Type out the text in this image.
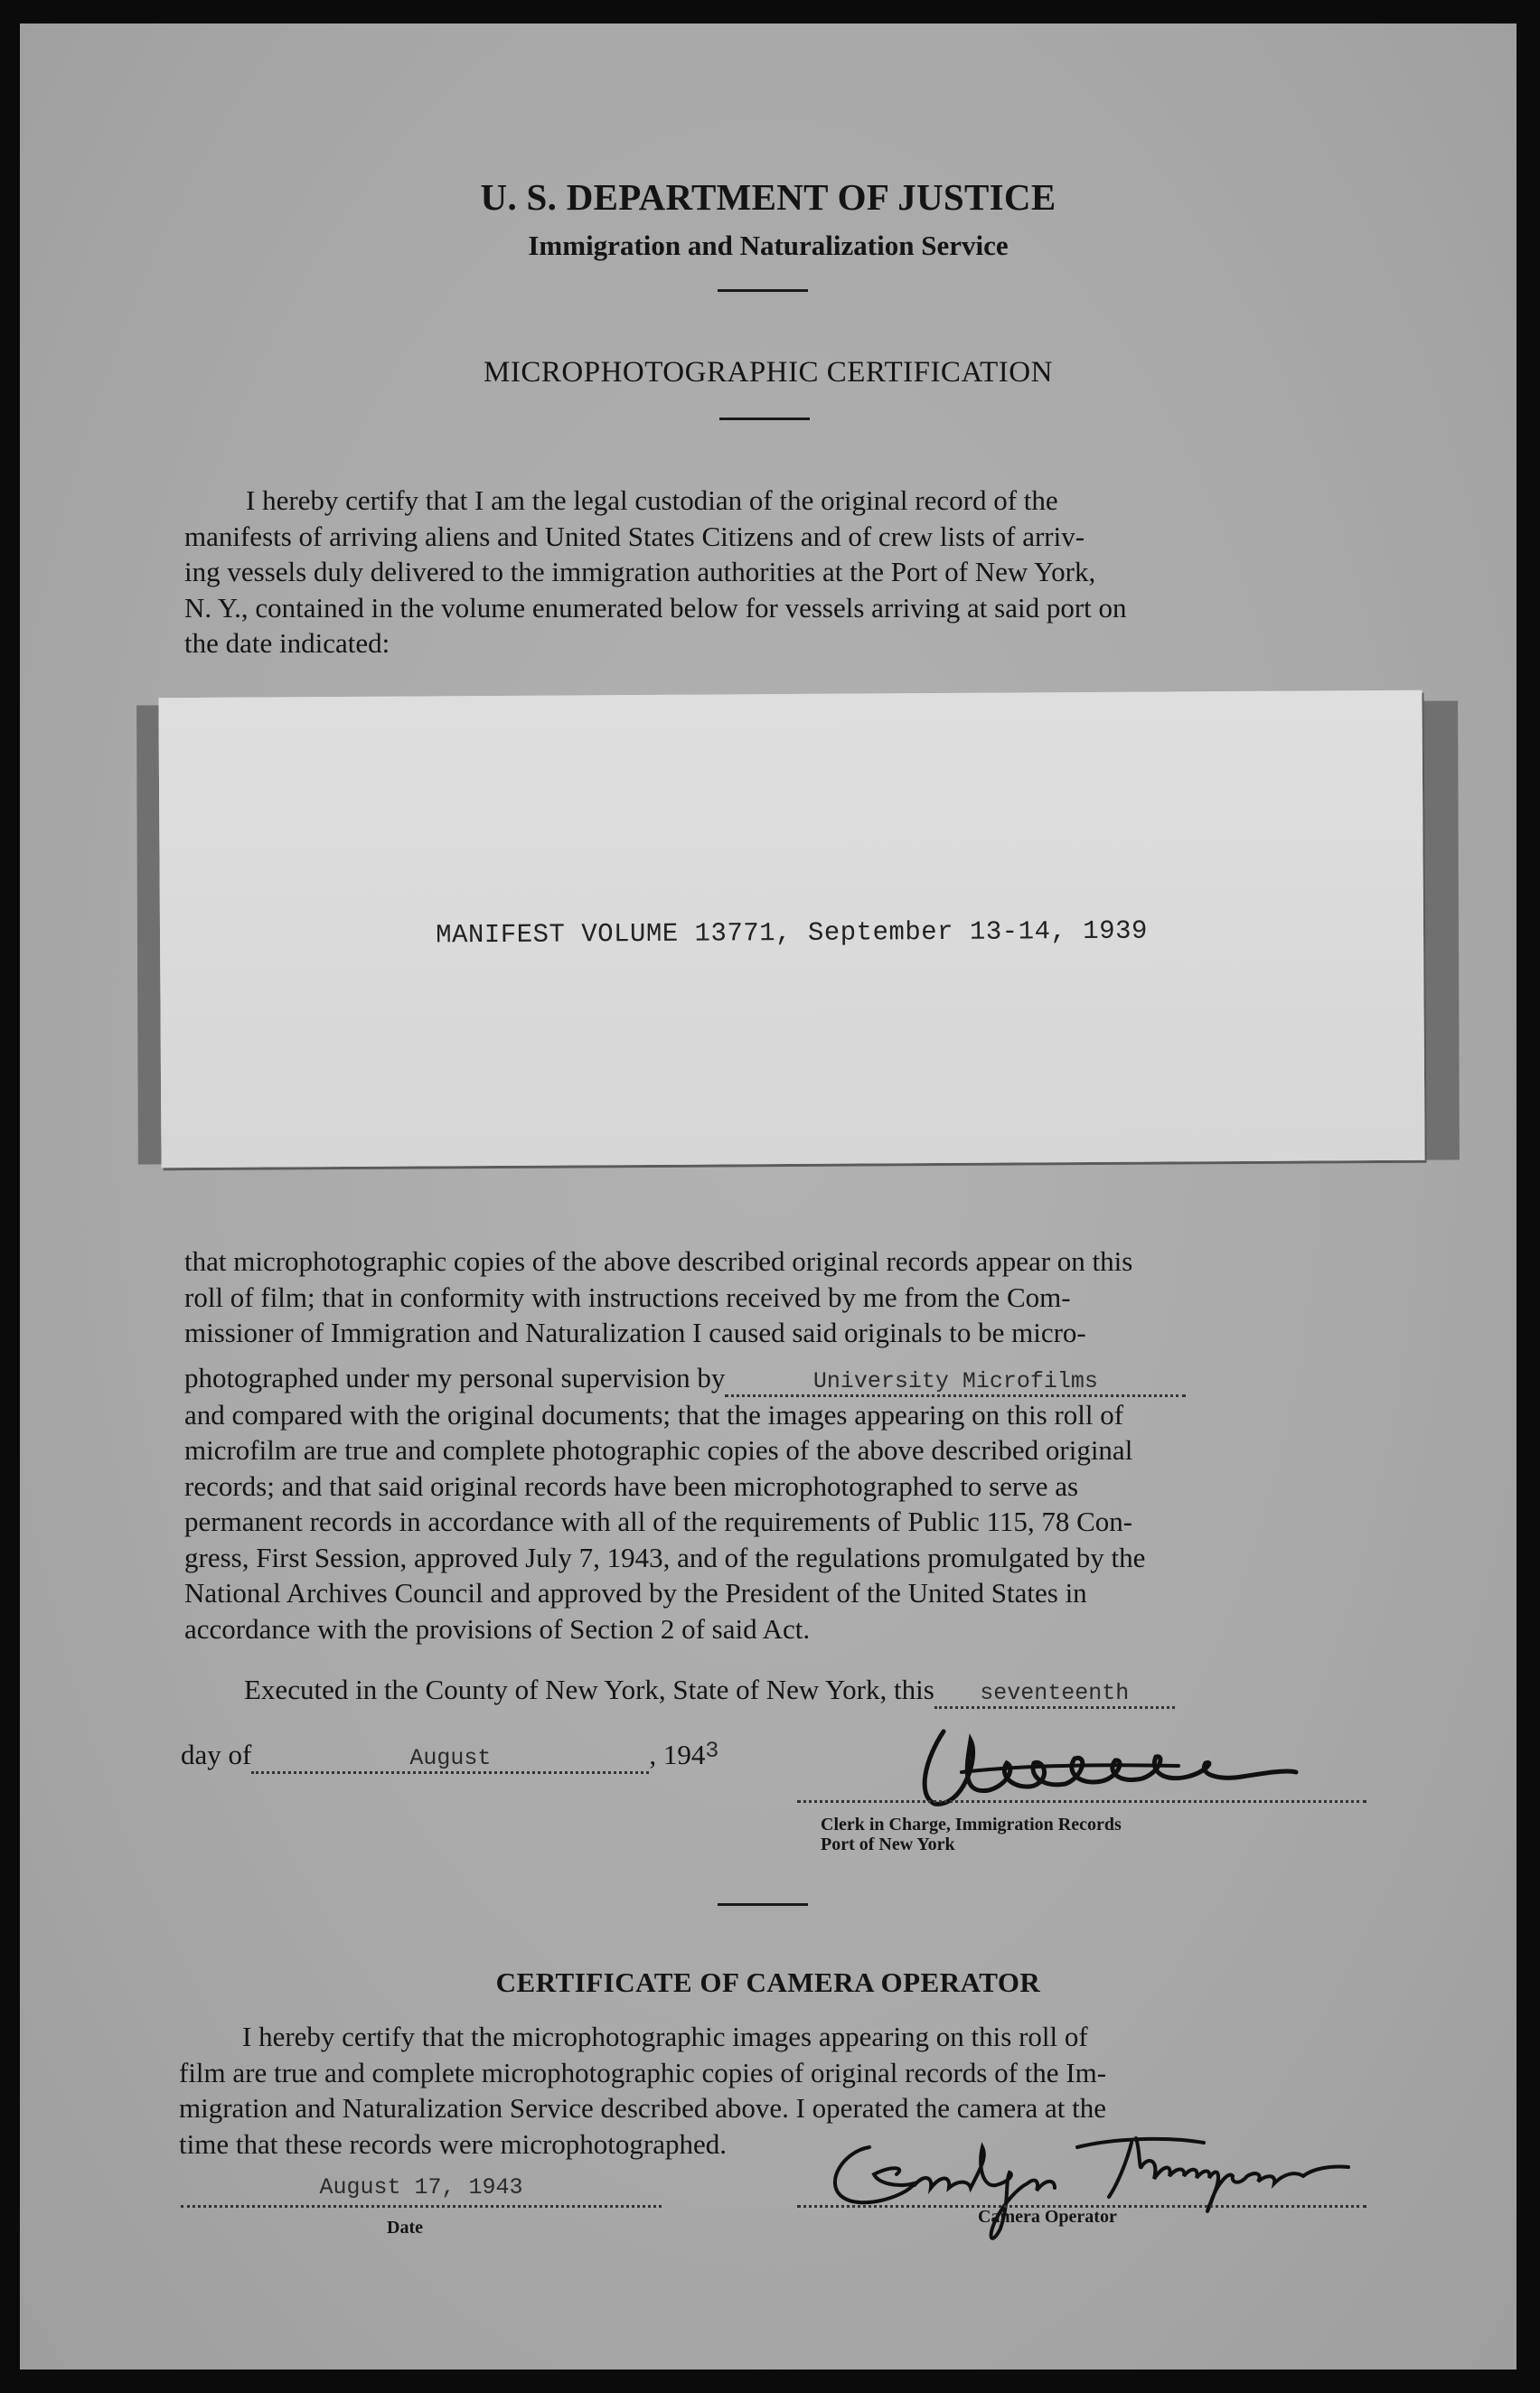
U. S. DEPARTMENT OF JUSTICE
Immigration and Naturalization Service
MICROPHOTOGRAPHIC CERTIFICATION
I hereby certify that I am the legal custodian of the original record of the
manifests of arriving aliens and United States Citizens and of crew lists of arriv-
ing vessels duly delivered to the immigration authorities at the Port of New York,
N. Y., contained in the volume enumerated below for vessels arriving at said port on
the date indicated:
MANIFEST VOLUME 13771, September 13-14, 1939
that microphotographic copies of the above described original records appear on this
roll of film; that in conformity with instructions received by me from the Com-
missioner of Immigration and Naturalization I caused said originals to be micro-
photographed under my personal supervision by	University Microfilms
and compared with the original documents; that the images appearing on this roll of
microfilm are true and complete photographic copies of the above described original
records; and that said original records have been microphotographed to serve as
permanent records in accordance with all of the requirements of Public 115, 78 Con-
gress, First Session, approved July 7, 1943, and of the regulations promulgated by the
National Archives Council and approved by the President of the United States in
accordance with the provisions of Section 2 of said Act.
Executed in the County of New York, State of New York, this seventeenth
day of	August	, $194^3$
Clerk in Charge, Immigration Records
Port of New York
CERTIFICATE OF CAMERA OPERATOR
I hereby certify that the microphotographic images appearing on this roll of
film are true and complete microphotographic copies of original records of the Im-
migration and Naturalization Service described above. I operated the camera at the
time that these records were microphotographed.
August 17, 1943
Date
Camera Operator
